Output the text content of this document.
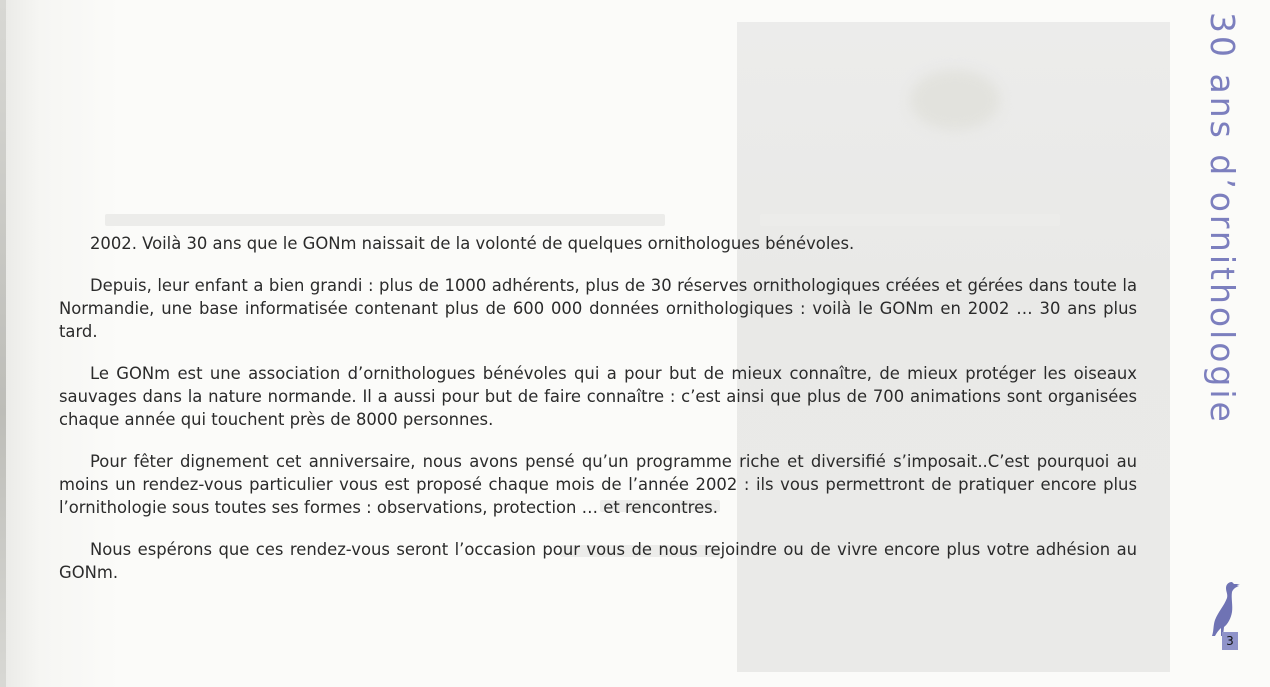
2002. Voilà 30 ans que le GONm naissait de la volonté de quelques ornithologues bénévoles.

Depuis, leur enfant a bien grandi : plus de 1000 adhérents, plus de 30 réserves ornithologiques créées et gérées dans toute la Normandie, une base informatisée contenant plus de 600 000 données ornithologiques : voilà le GONm en 2002 … 30 ans plus tard.

Le GONm est une association d’ornithologues bénévoles qui a pour but de mieux connaître, de mieux protéger les oiseaux sauvages dans la nature normande. Il a aussi pour but de faire connaître : c’est ainsi que plus de 700 animations sont organisées chaque année qui touchent près de 8000 personnes.

Pour fêter dignement cet anniversaire, nous avons pensé qu’un programme riche et diversifié s’imposait..C’est pourquoi au moins un rendez-vous particulier vous est proposé chaque mois de l’année 2002 : ils vous permettront de pratiquer encore plus l’ornithologie sous toutes ses formes : observations, protection … et rencontres.

Nous espérons que ces rendez-vous seront l’occasion pour vous de nous rejoindre ou de vivre encore plus votre adhésion au GONm.

30 ans d’ornithologie
3
